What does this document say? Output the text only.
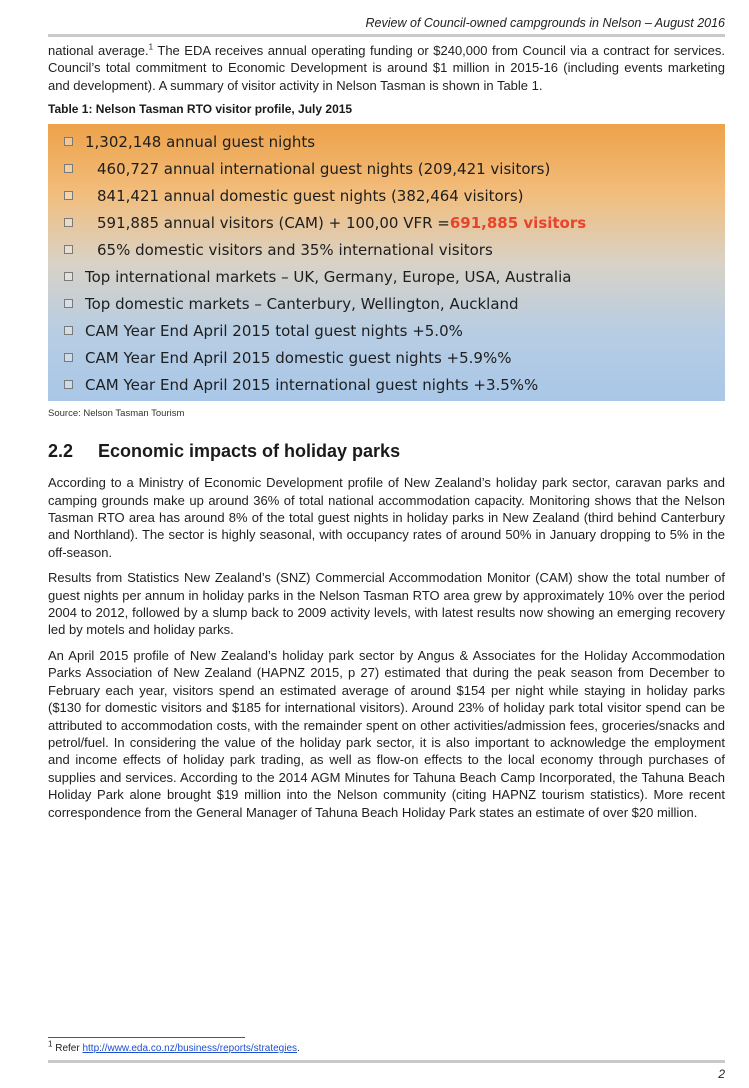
Review of Council-owned campgrounds in Nelson – August 2016

national average.$^1$ The EDA receives annual operating funding or $240,000 from Council via a contract for services. Council’s total commitment to Economic Development is around $1 million in 2015-16 (including events marketing and development). A summary of visitor activity in Nelson Tasman is shown in Table 1.

Table 1: Nelson Tasman RTO visitor profile, July 2015
1,302,148 annual guest nights
460,727 annual international guest nights (209,421 visitors)
841,421 annual domestic guest nights (382,464 visitors)
591,885 annual visitors (CAM) + 100,00 VFR = 691,885 visitors
65% domestic visitors and 35% international visitors
Top international markets – UK, Germany, Europe, USA, Australia
Top domestic markets – Canterbury, Wellington, Auckland
CAM Year End April 2015 total guest nights +5.0%
CAM Year End April 2015 domestic guest nights +5.9%%
CAM Year End April 2015 international guest nights +3.5%%
Source: Nelson Tasman Tourism
2.2	Economic impacts of holiday parks

According to a Ministry of Economic Development profile of New Zealand’s holiday park sector, caravan parks and camping grounds make up around 36% of total national accommodation capacity. Monitoring shows that the Nelson Tasman RTO area has around 8% of the total guest nights in holiday parks in New Zealand (third behind Canterbury and Northland). The sector is highly seasonal, with occupancy rates of around 50% in January dropping to 5% in the off-season.

Results from Statistics New Zealand’s (SNZ) Commercial Accommodation Monitor (CAM) show the total number of guest nights per annum in holiday parks in the Nelson Tasman RTO area grew by approximately 10% over the period 2004 to 2012, followed by a slump back to 2009 activity levels, with latest results now showing an emerging recovery led by motels and holiday parks.

An April 2015 profile of New Zealand’s holiday park sector by Angus & Associates for the Holiday Accommodation Parks Association of New Zealand (HAPNZ 2015, p 27) estimated that during the peak season from December to February each year, visitors spend an estimated average of around $154 per night while staying in holiday parks ($130 for domestic visitors and $185 for international visitors). Around 23% of holiday park total visitor spend can be attributed to accommodation costs, with the remainder spent on other activities/admission fees, groceries/snacks and petrol/fuel. In considering the value of the holiday park sector, it is also important to acknowledge the employment and income effects of holiday park trading, as well as flow-on effects to the local economy through purchases of supplies and services. According to the 2014 AGM Minutes for Tahuna Beach Camp Incorporated, the Tahuna Beach Holiday Park alone brought $19 million into the Nelson community (citing HAPNZ tourism statistics). More recent correspondence from the General Manager of Tahuna Beach Holiday Park states an estimate of over $20 million.

$^1$ Refer http://www.eda.co.nz/business/reports/strategies.
2
